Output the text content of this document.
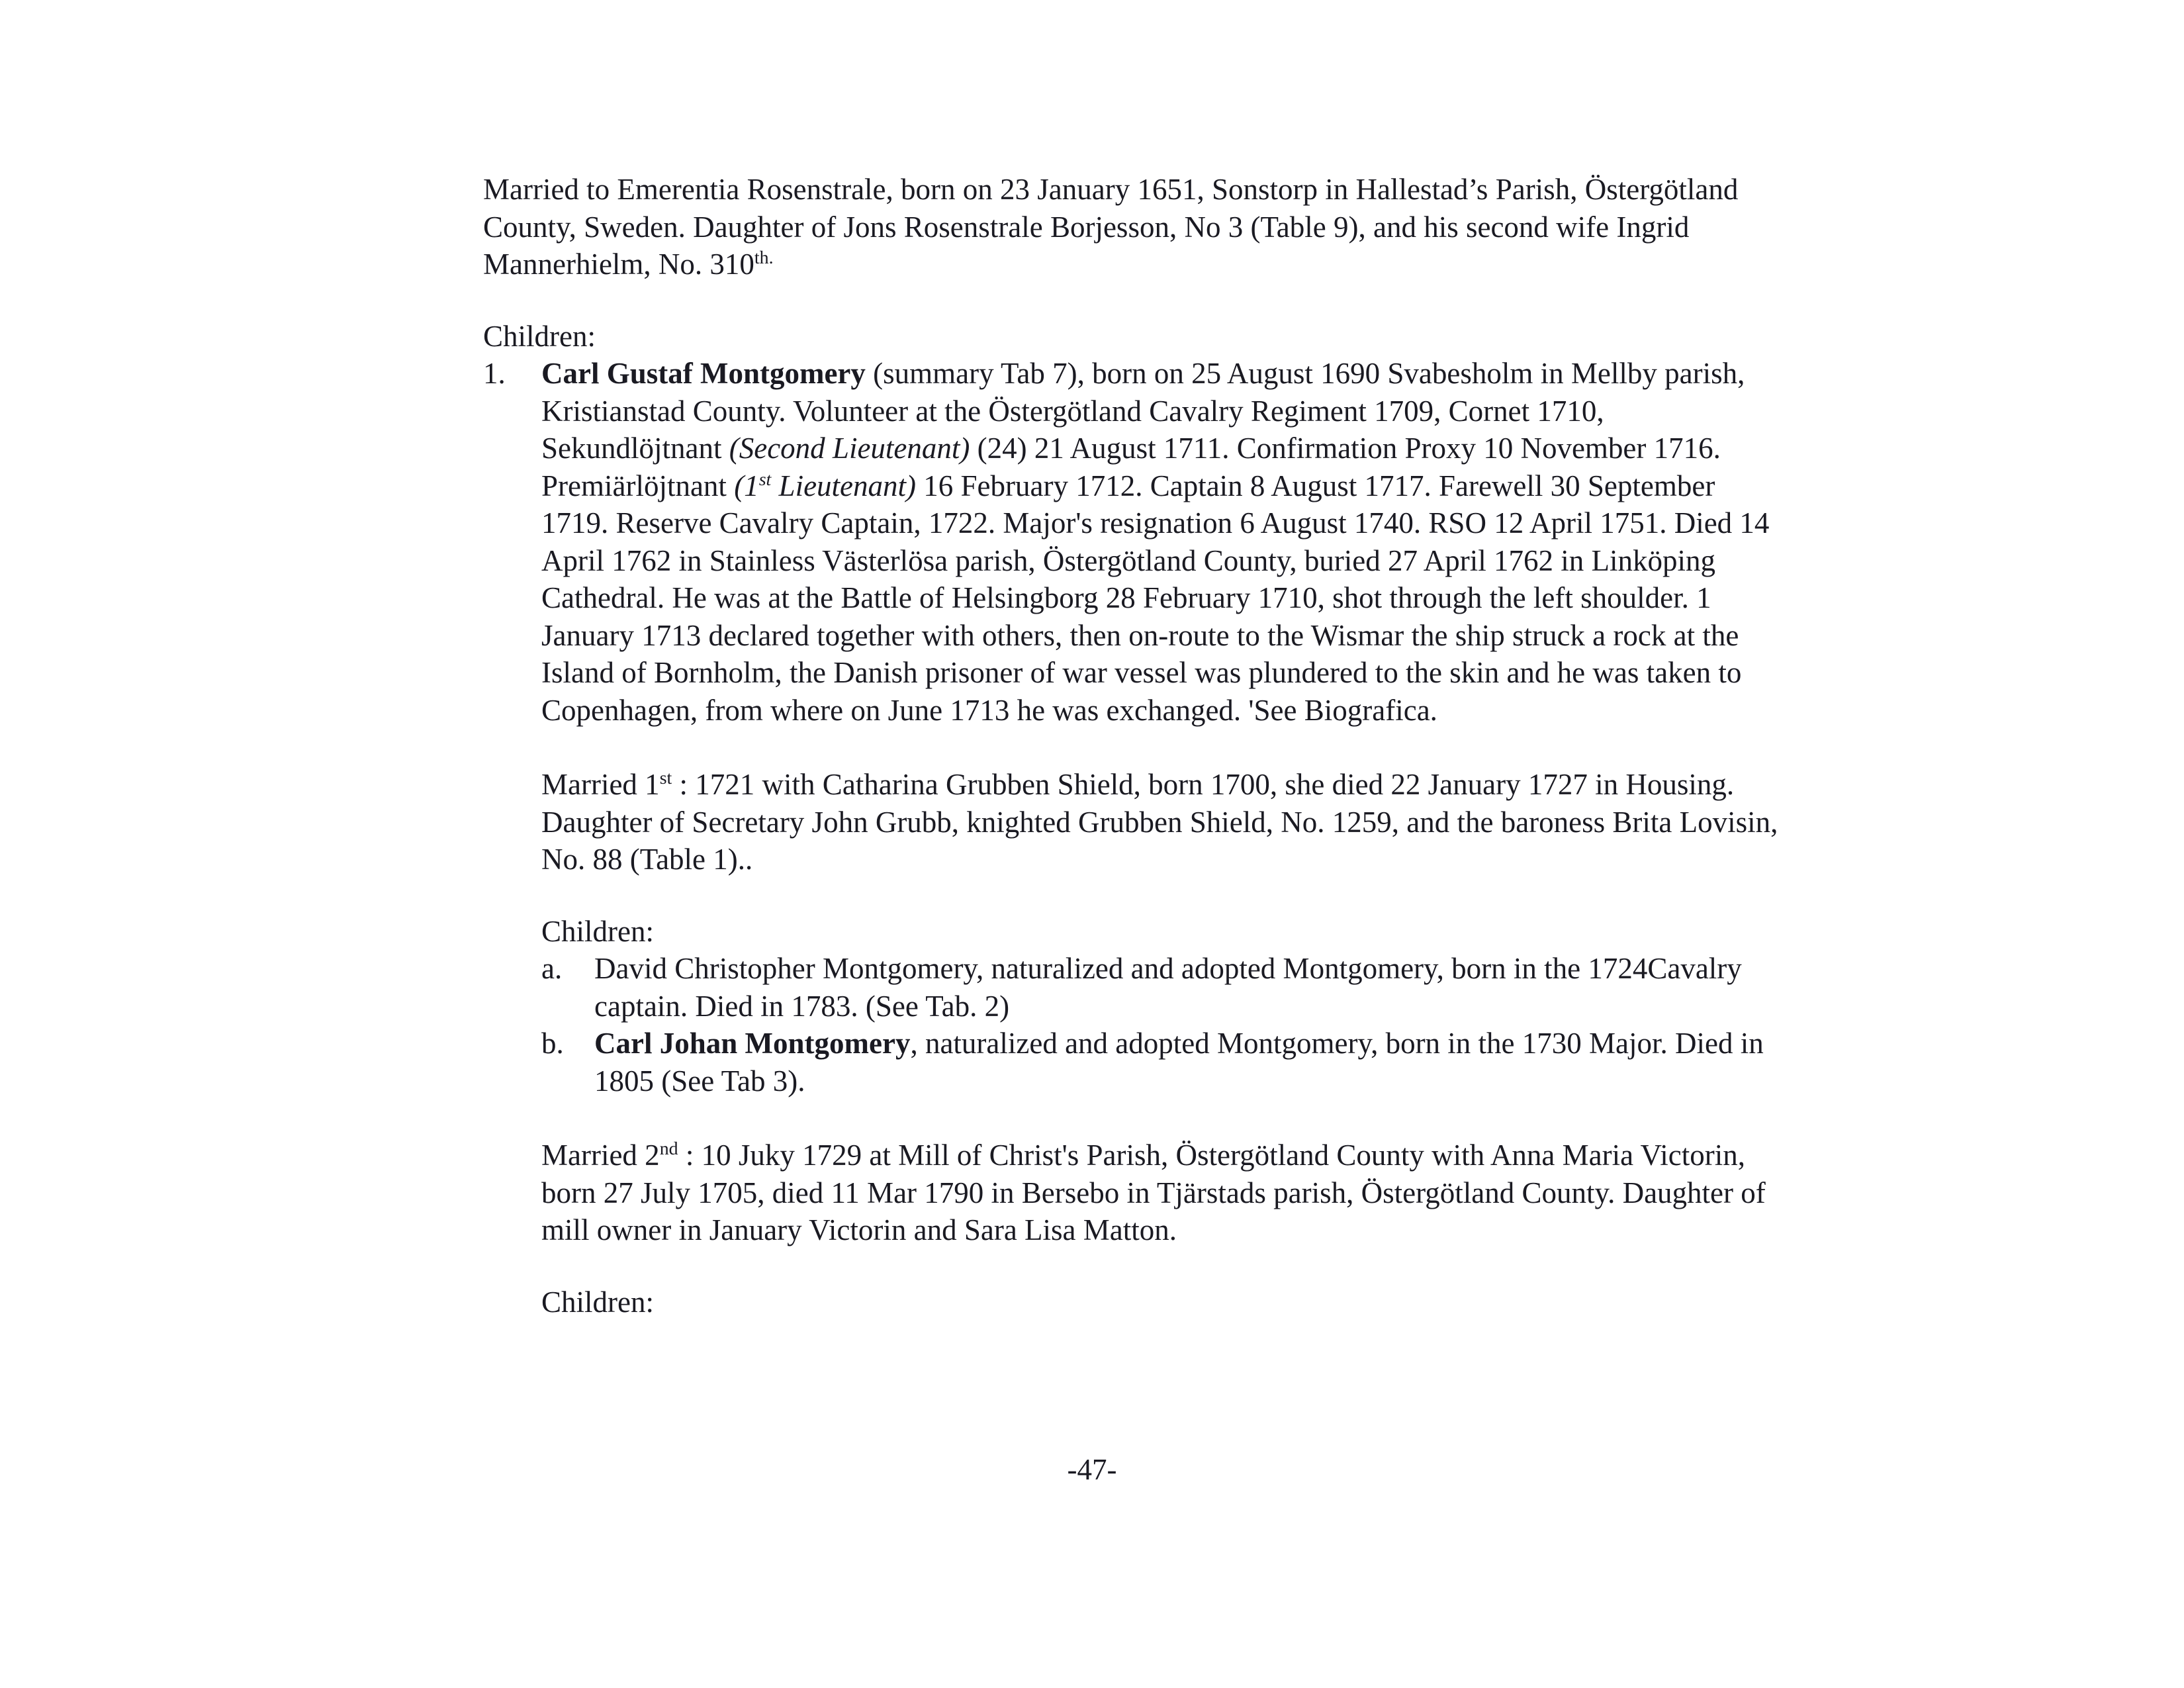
Married to Emerentia Rosenstrale, born on 23 January 1651, Sonstorp in Hallestad’s Parish, Östergötland County, Sweden. Daughter of Jons Rosenstrale Borjesson, No 3 (Table 9), and his second wife Ingrid Mannerhielm, No. $310^{th.}$

Children:

1.	Carl Gustaf Montgomery (summary Tab 7), born on 25 August 1690 Svabesholm in Mellby parish, Kristianstad County. Volunteer at the Östergötland Cavalry Regiment 1709, Cornet 1710, Sekundlöjtnant (Second Lieutenant) (24) 21 August 1711. Confirmation Proxy 10 November 1716. Premiärlöjtnant (1st Lieutenant) 16 February 1712. Captain 8 August 1717. Farewell 30 September 1719. Reserve Cavalry Captain, 1722. Major's resignation 6 August 1740. RSO 12 April 1751. Died 14 April 1762 in Stainless Västerlösa parish, Östergötland County, buried 27 April 1762 in Linköping Cathedral. He was at the Battle of Helsingborg 28 February 1710, shot through the left shoulder. 1 January 1713 declared together with others, then on-route to the Wismar the ship struck a rock at the Island of Bornholm, the Danish prisoner of war vessel was plundered to the skin and he was taken to Copenhagen, from where on June 1713 he was exchanged. 'See Biografica.

Married 1st : 1721 with Catharina Grubben Shield, born 1700, she died 22 January 1727 in Housing. Daughter of Secretary John Grubb, knighted Grubben Shield, No. 1259, and the baroness Brita Lovisin, No. 88 (Table 1)..

Children:

a.	David Christopher Montgomery, naturalized and adopted Montgomery, born in the 1724Cavalry captain. Died in 1783. (See Tab. 2)
b.	Carl Johan Montgomery, naturalized and adopted Montgomery, born in the 1730 Major. Died in 1805 (See Tab 3).

Married 2nd : 10 Juky 1729 at Mill of Christ's Parish, Östergötland County with Anna Maria Victorin, born 27 July 1705, died 11 Mar 1790 in Bersebo in Tjärstads parish, Östergötland County. Daughter of mill owner in January Victorin and Sara Lisa Matton.

Children:

-47-
